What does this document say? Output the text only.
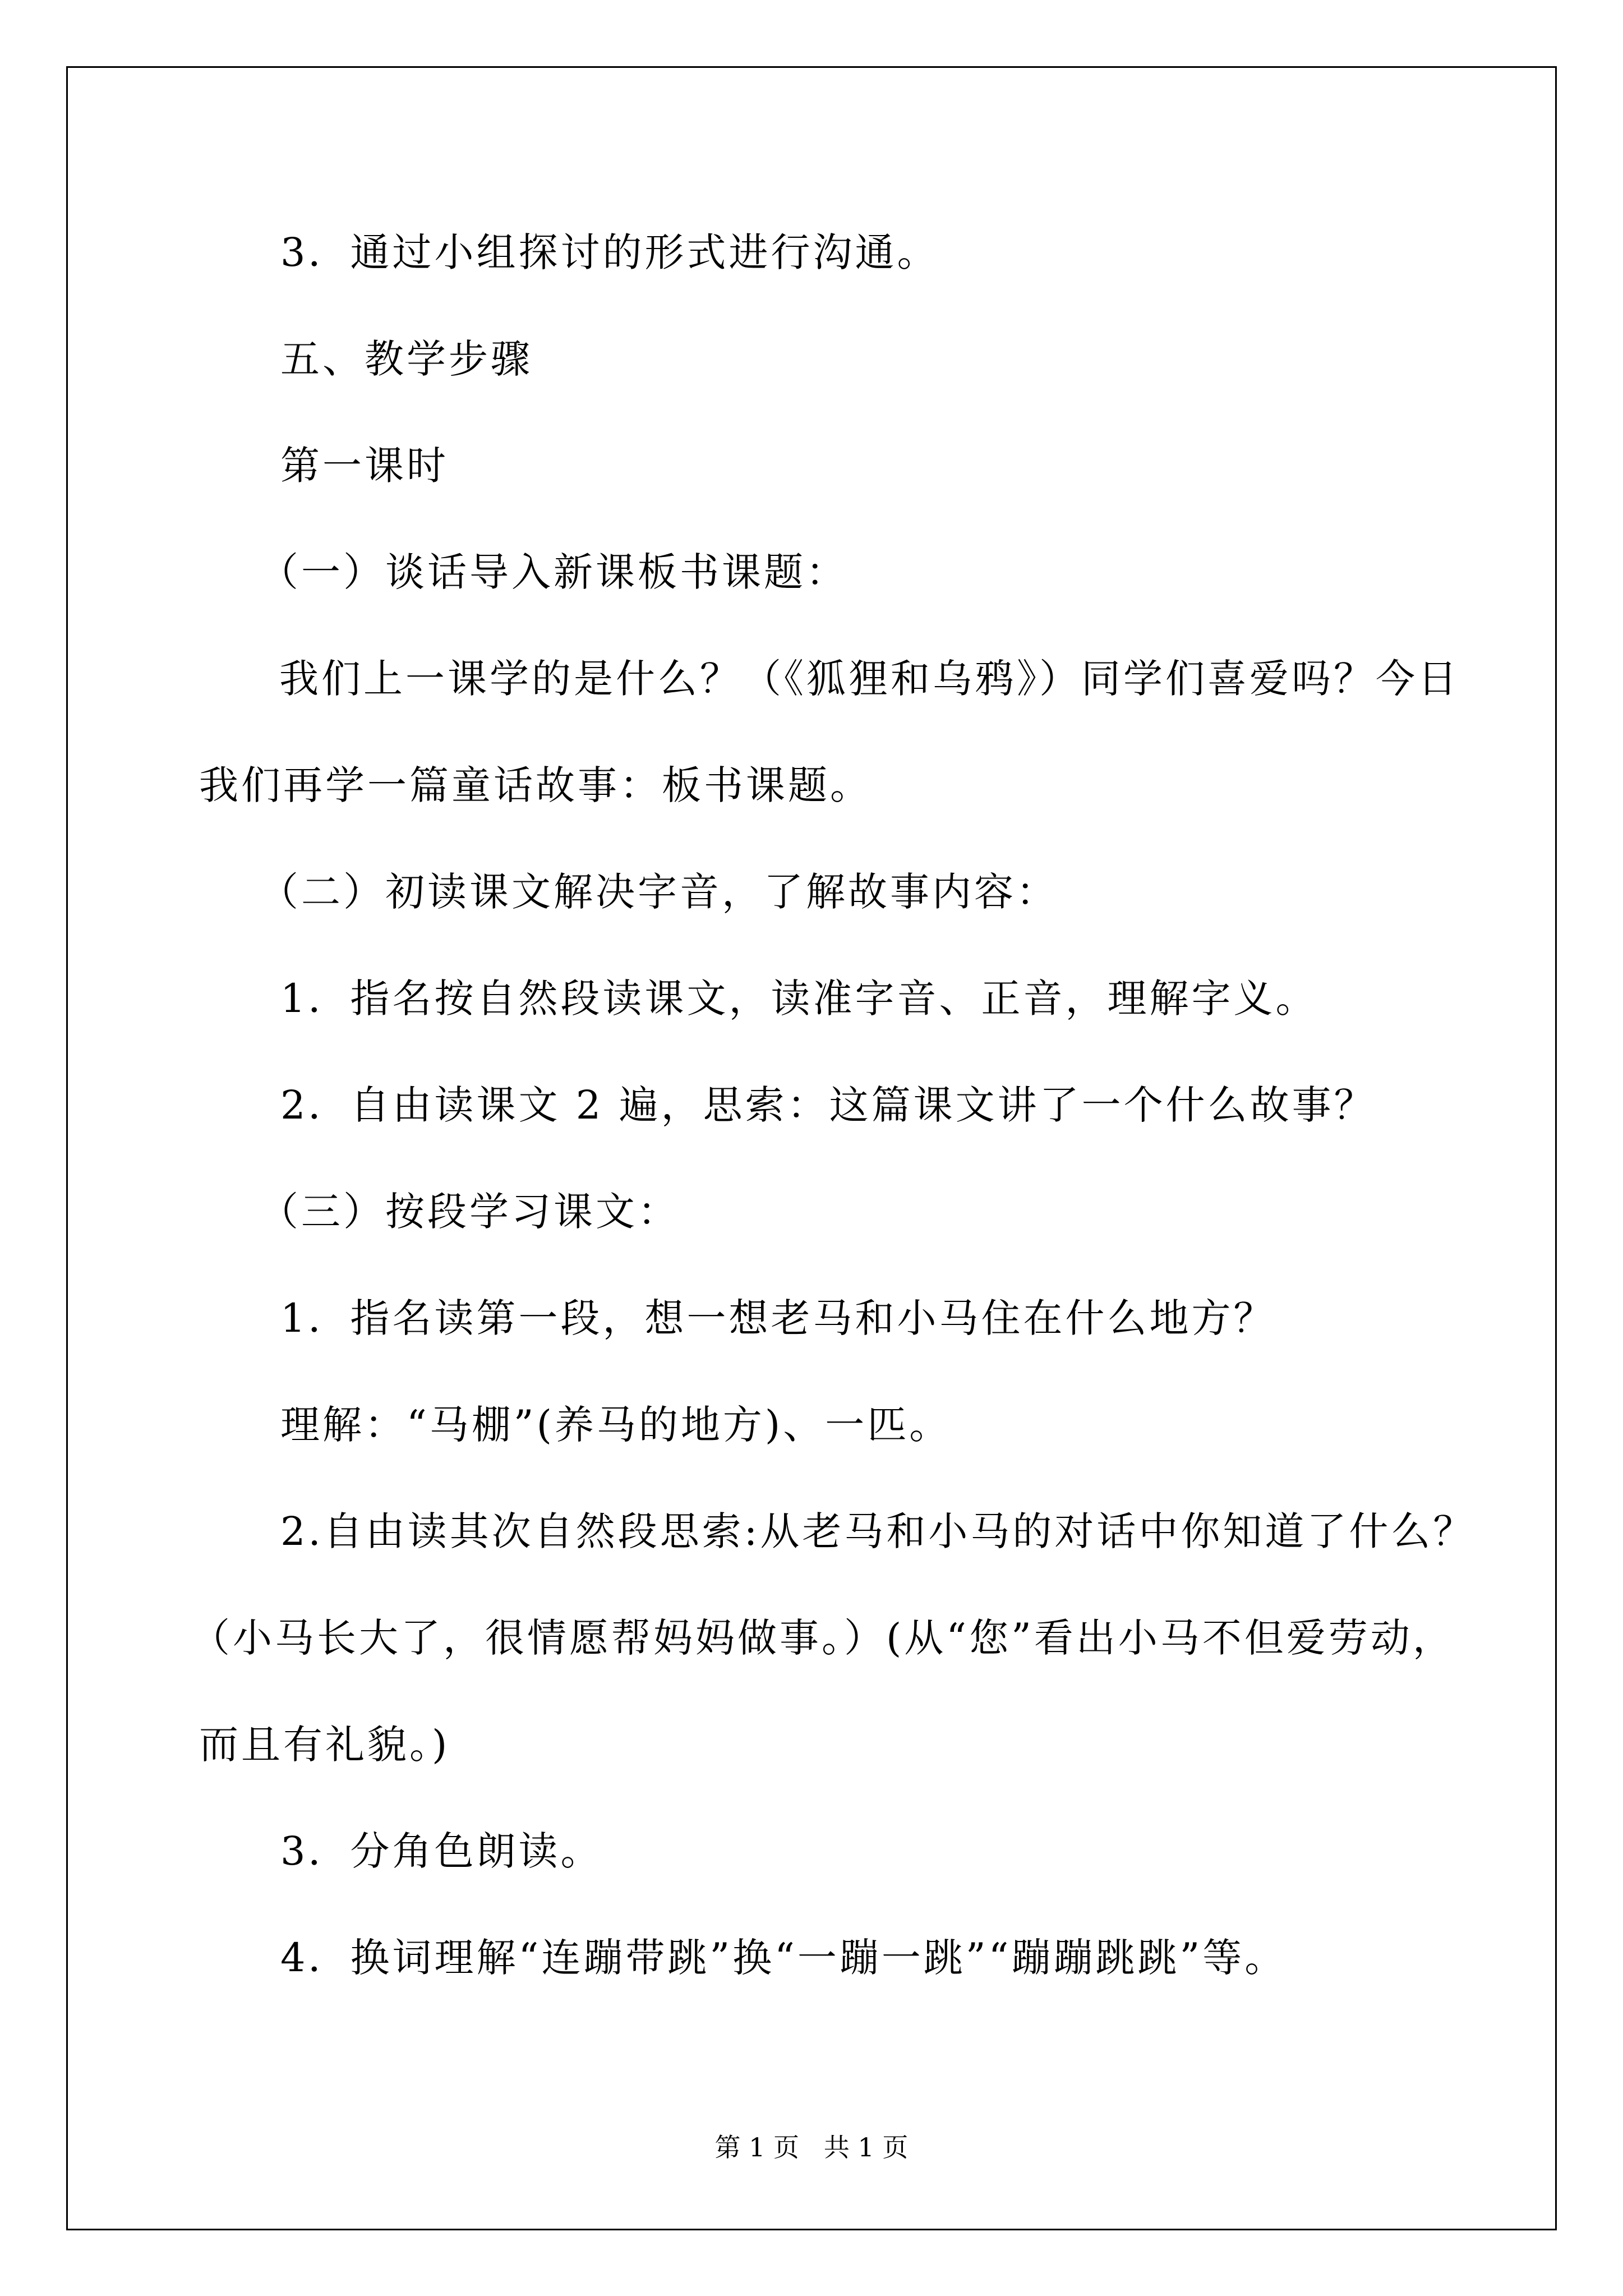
3．通过小组探讨的形式进行沟通。
五、教学步骤
第一课时
（一）谈话导入新课板书课题：
我们上一课学的是什么？（《狐狸和乌鸦》）同学们喜爱吗？今日
我们再学一篇童话故事：板书课题。
（二）初读课文解决字音，了解故事内容：
1．指名按自然段读课文，读准字音、正音，理解字义。
2．自由读课文 2 遍，思索：这篇课文讲了一个什么故事？
（三）按段学习课文：
1．指名读第一段，想一想老马和小马住在什么地方？
理解：“马棚”(养马的地方)、一匹。
2.自由读其次自然段思索:从老马和小马的对话中你知道了什么？
（小马长大了，很情愿帮妈妈做事。）(从“您”看出小马不但爱劳动，
而且有礼貌。)
3．分角色朗读。
4．换词理解“连蹦带跳”换“一蹦一跳”“蹦蹦跳跳”等。
第 1 页   共 1 页
